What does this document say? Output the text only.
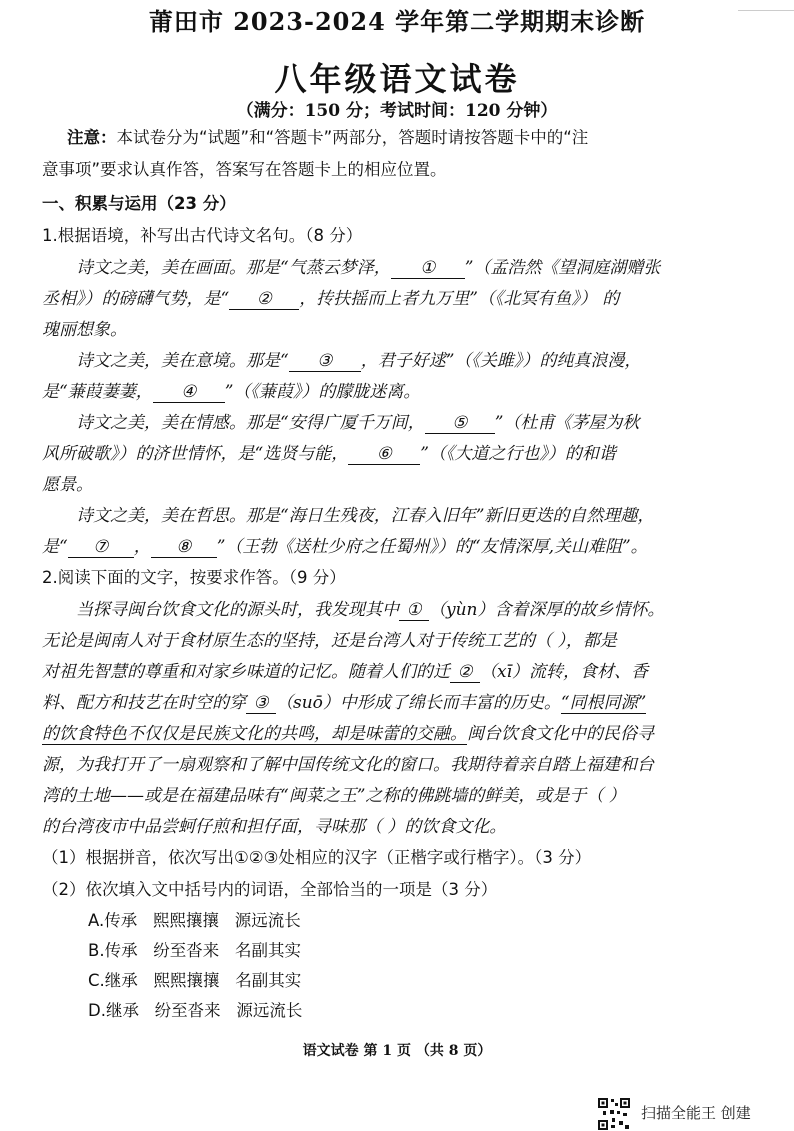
莆田市 2023-2024 学年第二学期期末诊断
八年级语文试卷
（满分：150 分；考试时间：120 分钟）
注意：本试卷分为“试题”和“答题卡”两部分，答题时请按答题卡中的“注
意事项”要求认真作答，答案写在答题卡上的相应位置。
一、积累与运用（23 分）
1.根据语境，补写出古代诗文名句。（8 分）
诗文之美，美在画面。那是“气蒸云梦泽， ① ”（孟浩然《望洞庭湖赠张
丞相》）的磅礴气势，是“ ② ，抟扶摇而上者九万里”（《北冥有鱼》） 的
瑰丽想象。
诗文之美，美在意境。那是“ ③ ，君子好逑”（《关雎》）的纯真浪漫，
是“蒹葭萋萋， ④ ”（《蒹葭》）的朦胧迷离。
诗文之美，美在情感。那是“安得广厦千万间， ⑤ ”（杜甫《茅屋为秋
风所破歌》）的济世情怀，是“选贤与能， ⑥ ”（《大道之行也》）的和谐
愿景。
诗文之美，美在哲思。那是“海日生残夜，江春入旧年”新旧更迭的自然理趣，
是“ ⑦ ， ⑧ ”（王勃《送杜少府之任蜀州》）的“友情深厚,关山难阻”。
2.阅读下面的文字，按要求作答。（9 分）
当探寻闽台饮食文化的源头时，我发现其中 ① （yùn）含着深厚的故乡情怀。
无论是闽南人对于食材原生态的坚持，还是台湾人对于传统工艺的（ ），都是
对祖先智慧的尊重和对家乡味道的记忆。随着人们的迁 ② （xī）流转，食材、香
料、配方和技艺在时空的穿 ③ （suō）中形成了绵长而丰富的历史。“同根同源”
的饮食特色不仅仅是民族文化的共鸣，却是味蕾的交融。闽台饮食文化中的民俗寻
源，为我打开了一扇观察和了解中国传统文化的窗口。我期待着亲自踏上福建和台
湾的土地——或是在福建品味有“闽菜之王”之称的佛跳墙的鲜美，或是于（ ）
的台湾夜市中品尝蚵仔煎和担仔面，寻味那（ ）的饮食文化。
（1）根据拼音，依次写出①②③处相应的汉字（正楷字或行楷字）。（3 分）
（2）依次填入文中括号内的词语，全部恰当的一项是（3 分）
A.传承   熙熙攘攘   源远流长
B.传承   纷至沓来   名副其实
C.继承   熙熙攘攘   名副其实
D.继承   纷至沓来   源远流长
语文试卷 第 1 页 （共 8 页）
扫描全能王 创建
